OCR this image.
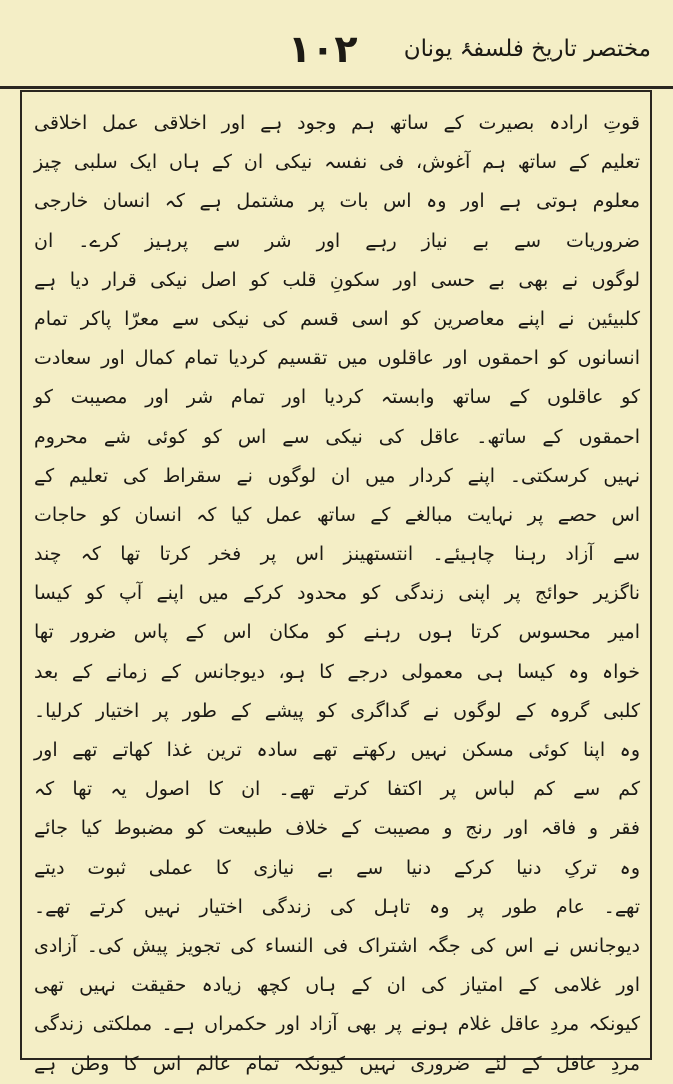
١٠٢ مختصر تاریخ فلسفۂ یونان
قوتِ ارادہ بصیرت کے ساتھ ہم وجود ہے اور اخلاقی عمل اخلاقی
تعلیم کے ساتھ ہم آغوش، فی نفسہ نیکی ان کے ہاں ایک سلبی چیز
معلوم ہوتی ہے اور وہ اس بات پر مشتمل ہے کہ انسان خارجی
ضروریات سے بے نیاز رہے اور شر سے پرہیز کرے۔ ان
لوگوں نے بھی بے حسی اور سکونِ قلب کو اصل نیکی قرار دیا ہے
کلبیئین نے اپنے معاصرین کو اسی قسم کی نیکی سے معرّا پاکر تمام
انسانوں کو احمقوں اور عاقلوں میں تقسیم کردیا تمام کمال اور سعادت
کو عاقلوں کے ساتھ وابستہ کردیا اور تمام شر اور مصیبت کو
احمقوں کے ساتھ۔ عاقل کی نیکی سے اس کو کوئی شے محروم
نہیں کرسکتی۔ اپنے کردار میں ان لوگوں نے سقراط کی تعلیم کے
اس حصے پر نہایت مبالغے کے ساتھ عمل کیا کہ انسان کو حاجات
سے آزاد رہنا چاہیئے۔ انتستھینز اس پر فخر کرتا تھا کہ چند
ناگزیر حوائج پر اپنی زندگی کو محدود کرکے میں اپنے آپ کو کیسا
امیر محسوس کرتا ہوں رہنے کو مکان اس کے پاس ضرور تھا
خواہ وہ کیسا ہی معمولی درجے کا ہو، دیوجانس کے زمانے کے بعد
کلبی گروہ کے لوگوں نے گداگری کو پیشے کے طور پر اختیار کرلیا۔
وہ اپنا کوئی مسکن نہیں رکھتے تھے سادہ ترین غذا کھاتے تھے اور
کم سے کم لباس پر اکتفا کرتے تھے۔ ان کا اصول یہ تھا کہ
فقر و فاقہ اور رنج و مصیبت کے خلاف طبیعت کو مضبوط کیا جائے
وہ ترکِ دنیا کرکے دنیا سے بے نیازی کا عملی ثبوت دیتے
تھے۔ عام طور پر وہ تاہل کی زندگی اختیار نہیں کرتے تھے۔
دیوجانس نے اس کی جگہ اشتراک فی النساء کی تجویز پیش کی۔ آزادی
اور غلامی کے امتیاز کی ان کے ہاں کچھ زیادہ حقیقت نہیں تھی
کیونکہ مردِ عاقل غلام ہونے پر بھی آزاد اور حکمراں ہے۔ مملکتی زندگی
مردِ عاقل کے لئے ضروری نہیں کیونکہ تمام عالم اس کا وطن ہے
